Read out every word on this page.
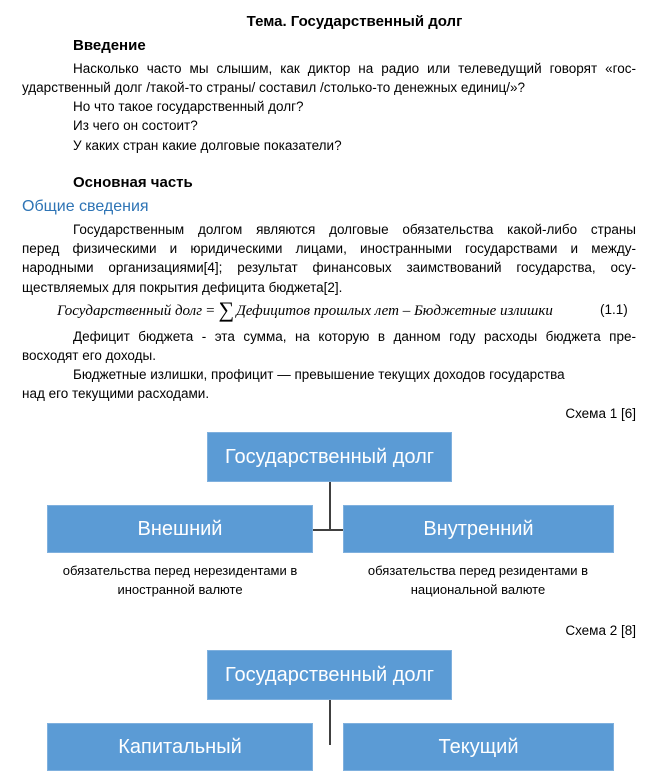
Тема. Государственный долг
Введение
Насколько часто мы слышим, как диктор на радио или телеведущий говорят «гос-
ударственный долг /такой-то страны/ составил /столько-то денежных единиц/»?
Но что такое государственный долг?
Из чего он состоит?
У каких стран какие долговые показатели?
Основная часть
Общие сведения
Государственным долгом являются долговые обязательства какой-либо страны
перед физическими и юридическими лицами, иностранными государствами и между-
народными организациями[4]; результат финансовых заимствований государства, осу-
ществляемых для покрытия дефицита бюджета[2].
Государственный долг = ∑ Дефицитов прошлых лет – Бюджетные излишки	(1.1)
Дефицит бюджета - эта сумма, на которую в данном году расходы бюджета пре-
восходят его доходы.
Бюджетные излишки, профицит — превышение текущих доходов государства
над его текущими расходами.
Схема 1 [6]
Государственный долг
Внешний	Внутренний
обязательства перед нерезидентами в
иностранной валюте
обязательства перед резидентами в
национальной валюте
Схема 2 [8]
Государственный долг
Капитальный	Текущий
